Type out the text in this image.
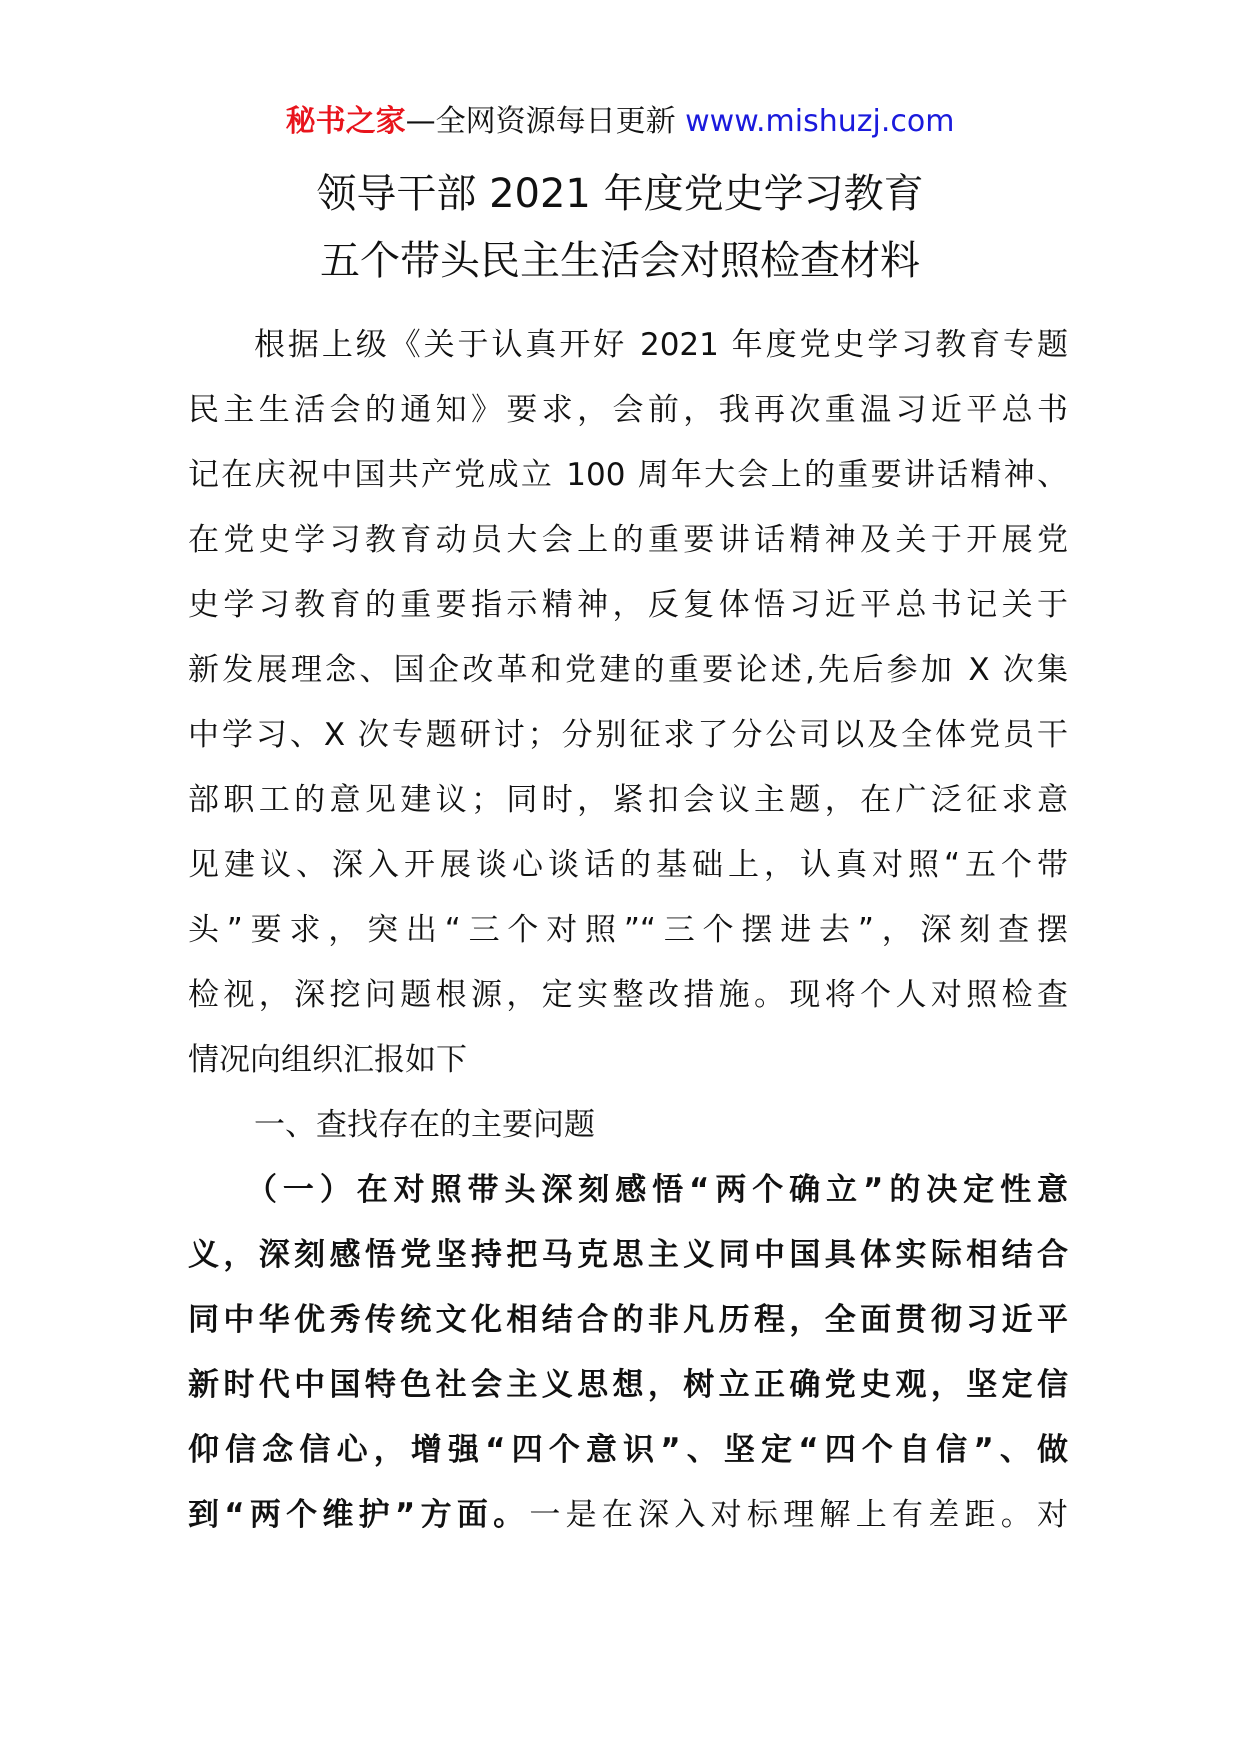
秘书之家—全网资源每日更新 www.mishuzj.com
领导干部 2021 年度党史学习教育
五个带头民主生活会对照检查材料
根据上级《关于认真开好 2021 年度党史学习教育专题
民主生活会的通知》要求，会前，我再次重温习近平总书
记在庆祝中国共产党成立 100 周年大会上的重要讲话精神、
在党史学习教育动员大会上的重要讲话精神及关于开展党
史学习教育的重要指示精神，反复体悟习近平总书记关于
新发展理念、国企改革和党建的重要论述,先后参加 X 次集
中学习、X 次专题研讨；分别征求了分公司以及全体党员干
部职工的意见建议；同时，紧扣会议主题，在广泛征求意
见建议、深入开展谈心谈话的基础上，认真对照“五个带
头”要求，突出“三个对照”“三个摆进去”，深刻查摆
检视，深挖问题根源，定实整改措施。现将个人对照检查
情况向组织汇报如下
一、查找存在的主要问题
（一）在对照带头深刻感悟“两个确立”的决定性意
义，深刻感悟党坚持把马克思主义同中国具体实际相结合
同中华优秀传统文化相结合的非凡历程，全面贯彻习近平
新时代中国特色社会主义思想，树立正确党史观，坚定信
仰信念信心，增强“四个意识”、坚定“四个自信”、做
到“两个维护”方面。一是在深入对标理解上有差距。对
